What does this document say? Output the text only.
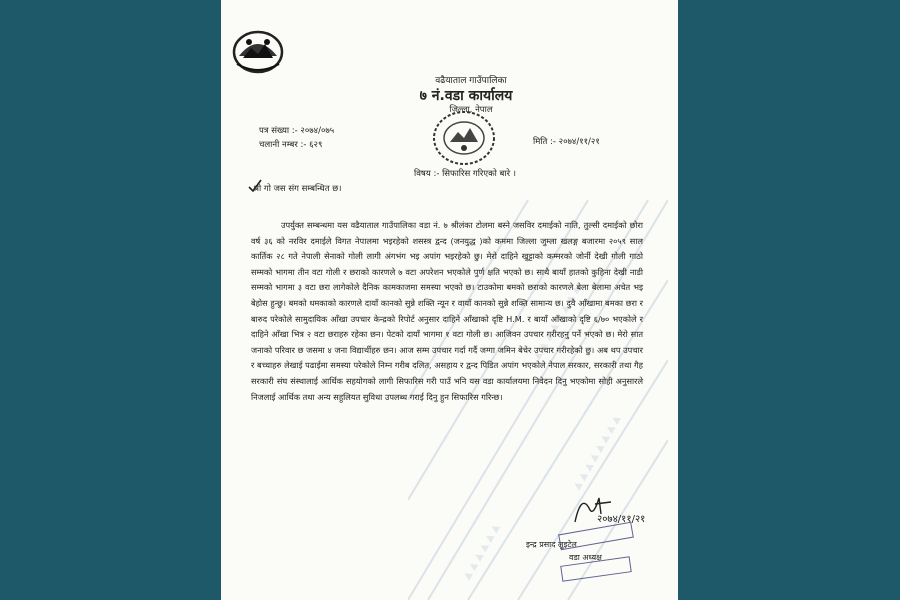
▲ ▲ ▲ ▲ ▲ ▲ ▲ ▲
▲ ▲ ▲ ▲ ▲ ▲ ▲ ▲
▲ ▲ ▲ ▲ ▲ ▲
वढैयाताल गाउँपालिका
७ नं.वडा कार्यालय
जिल्ला, नेपाल
पत्र संख्या :- २०७४/०७५
चलानी नम्बर :- ६२९	मिति :- २०७४/११/२१
विषय :- सिफारिस गरिएको बारे ।
श्री गो जस संग सम्बन्धित छ।
उपर्युक्त सम्बन्धमा यस वढैयाताल गाउँपालिका वडा नं. ७ श्रीलंका टोलमा बस्ने जसविर दमाईको नाति, तुल्सी दमाईको छोरा वर्ष ३६ को नरविर दमाईले विगत नेपालमा भइरहेको शसस्त्र द्वन्द (जनयुद्ध )को कममा जिल्ला जुम्ला खलङ्ग बजारमा २०५९ साल कार्तिक २८ गते नेपाली सेनाको गोली लागी अंगभंग भइ अपांग भइरहेको छु। मेरो दाहिने खुट्टाको कम्मरको जोर्नी देखी गोली गाठो सम्मको भागमा तीन वटा गोली र छराको कारणले ७ वटा अपरेशन भएकोले पुर्ण क्षति भएको छ। साथै बायाँ हातको कुहिना देखी नाडी सम्मको भागमा ३ वटा छरा लागेकोले दैनिक कामकाजमा समस्या भएको छ। टाउकोमा बमको छराको कारणले बेला बेलामा अचेत भइ बेहोस हुन्छु। बमको धमकाको कारणले दायाँ कानको सुन्ने शक्ति न्यून र वायाँ कानको सुन्ने शक्ति सामान्य छ। दुवै आँखामा बमका छरा र बारुद परेकोले सामुदायिक आँखा उपचार केन्द्रको रिपोर्ट अनुसार दाहिने आँखाको दृष्टि H.M. र बायाँ आँखाको दृष्टि ६/७० भएकोले र दाहिने आँखा भित्र २ वटा छराहरु रहेका छन। पेटको दायाँ भागमा १ वटा गोली छ। आजिवन उपचार गरीरहनु पर्ने भएको छ। मेरो सात जनाको परिवार छ जसमा ४ जना विद्यार्थीहरु छन। आज सम्म उपचार गर्दा गर्दै जग्गा जमिन बेचेर उपचार गरीरहेको छु। अब थप उपचार र बच्चाहरु लेखाई पढाईमा समस्या परेकोले निम्न गरीब दलित, असहाय र द्वन्द पिडित अपांग भएकोले नेपाल सरकार, सरकारी तथा गैह सरकारी संघ संस्थालाई आर्थिक सहयोगको लागी सिफारिस गरी पाउँ भनि यस वडा कार्यालयमा निवेदन दिनु भएकोमा सोही अनुसारले निजलाई आर्थिक तथा अन्य सहुलियत सुविधा उपलब्ध गराई दिनु हुन सिफारिस गरिन्छ।
२०७४/११/२१
इन्द्र प्रसाद लुइटेल
वडा अध्यक्ष
